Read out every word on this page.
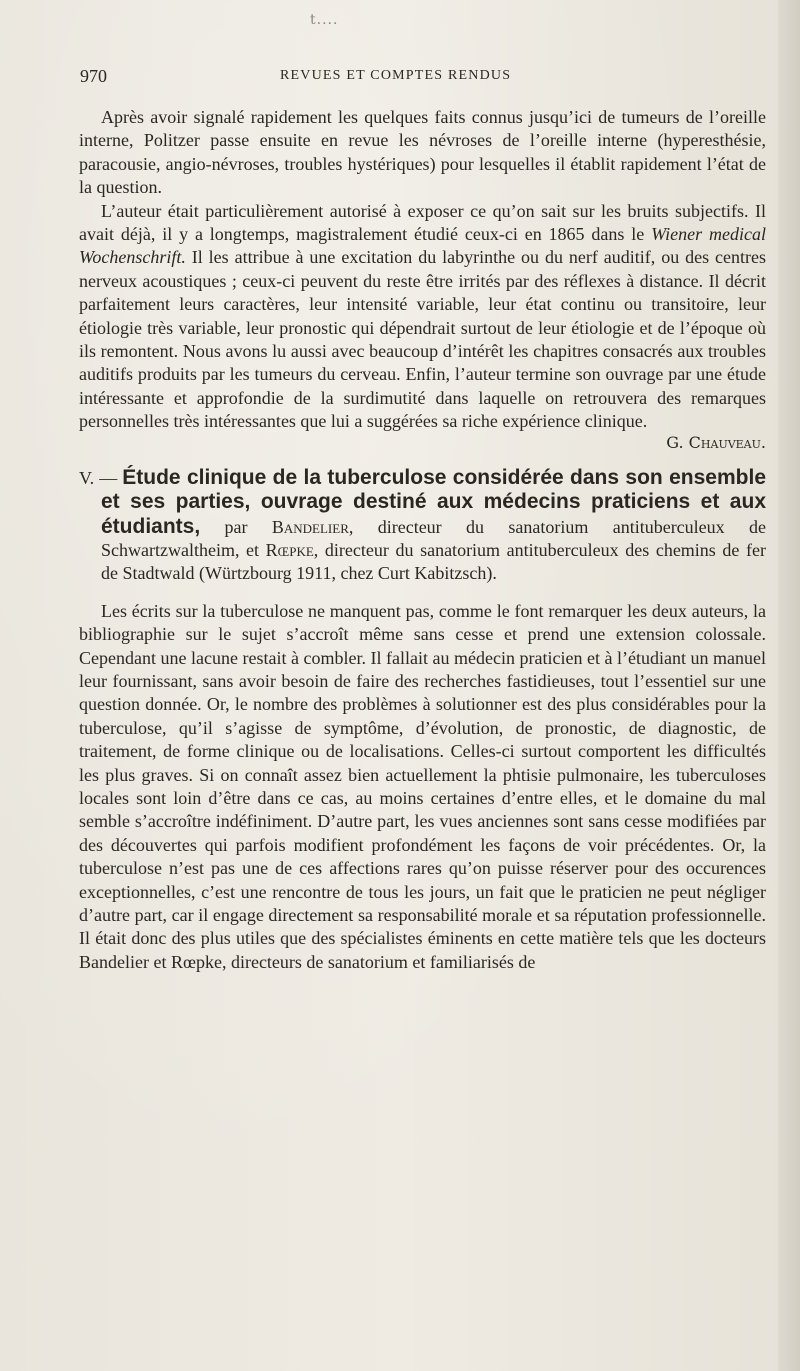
t....
970	REVUES ET COMPTES RENDUS

Après avoir signalé rapidement les quelques faits connus jusqu’ici de tumeurs de l’oreille interne, Politzer passe ensuite en revue les névroses de l’oreille interne (hyperesthésie, paracousie, angio-névroses, troubles hystériques) pour lesquelles il établit rapidement l’état de la question.

L’auteur était particulièrement autorisé à exposer ce qu’on sait sur les bruits subjectifs. Il avait déjà, il y a longtemps, magistralement étudié ceux-ci en 1865 dans le Wiener medical Wochenschrift. Il les attribue à une excitation du labyrinthe ou du nerf auditif, ou des centres nerveux acoustiques ; ceux-ci peuvent du reste être irrités par des réflexes à distance. Il décrit parfaitement leurs caractères, leur intensité variable, leur état continu ou transitoire, leur étiologie très variable, leur pronostic qui dépendrait surtout de leur étiologie et de l’époque où ils remontent. Nous avons lu aussi avec beaucoup d’intérêt les chapitres consacrés aux troubles auditifs produits par les tumeurs du cerveau. Enfin, l’auteur termine son ouvrage par une étude intéressante et approfondie de la surdimutité dans laquelle on retrouvera des remarques personnelles très intéressantes que lui a suggérées sa riche expérience clinique.

G. Chauveau.
V. — Étude clinique de la tuberculose considérée dans son ensemble et ses parties, ouvrage destiné aux médecins praticiens et aux étudiants, par Bandelier, directeur du sanatorium antituberculeux de Schwartzwaltheim, et Rœpke, directeur du sanatorium antituberculeux des chemins de fer de Stadtwald (Würtzbourg 1911, chez Curt Kabitzsch).

Les écrits sur la tuberculose ne manquent pas, comme le font remarquer les deux auteurs, la bibliographie sur le sujet s’accroît même sans cesse et prend une extension colossale. Cependant une lacune restait à combler. Il fallait au médecin praticien et à l’étudiant un manuel leur fournissant, sans avoir besoin de faire des recherches fastidieuses, tout l’essentiel sur une question donnée. Or, le nombre des problèmes à solutionner est des plus considérables pour la tuberculose, qu’il s’agisse de symptôme, d’évolution, de pronostic, de diagnostic, de traitement, de forme clinique ou de localisations. Celles-ci surtout comportent les difficultés les plus graves. Si on connaît assez bien actuellement la phtisie pulmonaire, les tuberculoses locales sont loin d’être dans ce cas, au moins certaines d’entre elles, et le domaine du mal semble s’accroître indéfiniment. D’autre part, les vues anciennes sont sans cesse modifiées par des découvertes qui parfois modifient profondément les façons de voir précédentes. Or, la tuberculose n’est pas une de ces affections rares qu’on puisse réserver pour des occurences exceptionnelles, c’est une rencontre de tous les jours, un fait que le praticien ne peut négliger d’autre part, car il engage directement sa responsabilité morale et sa réputation professionnelle. Il était donc des plus utiles que des spécialistes éminents en cette matière tels que les docteurs Bandelier et Rœpke, directeurs de sanatorium et familiarisés de
